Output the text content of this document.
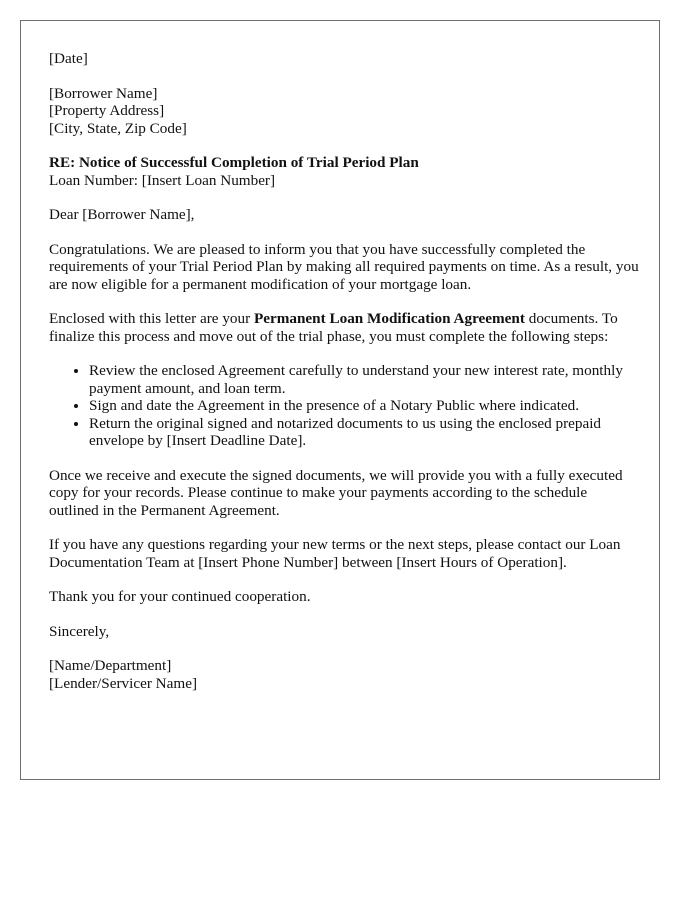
[Date]

[Borrower Name]
[Property Address]
[City, State, Zip Code]
RE: Notice of Successful Completion of Trial Period Plan
Loan Number: [Insert Loan Number]

Dear [Borrower Name],

Congratulations. We are pleased to inform you that you have successfully completed the requirements of your Trial Period Plan by making all required payments on time. As a result, you are now eligible for a permanent modification of your mortgage loan.

Enclosed with this letter are your Permanent Loan Modification Agreement documents. To finalize this process and move out of the trial phase, you must complete the following steps:

• Review the enclosed Agreement carefully to understand your new interest rate, monthly payment amount, and loan term.
• Sign and date the Agreement in the presence of a Notary Public where indicated.
• Return the original signed and notarized documents to us using the enclosed prepaid envelope by [Insert Deadline Date].

Once we receive and execute the signed documents, we will provide you with a fully executed copy for your records. Please continue to make your payments according to the schedule outlined in the Permanent Agreement.

If you have any questions regarding your new terms or the next steps, please contact our Loan Documentation Team at [Insert Phone Number] between [Insert Hours of Operation].

Thank you for your continued cooperation.

Sincerely,

[Name/Department]
[Lender/Servicer Name]
